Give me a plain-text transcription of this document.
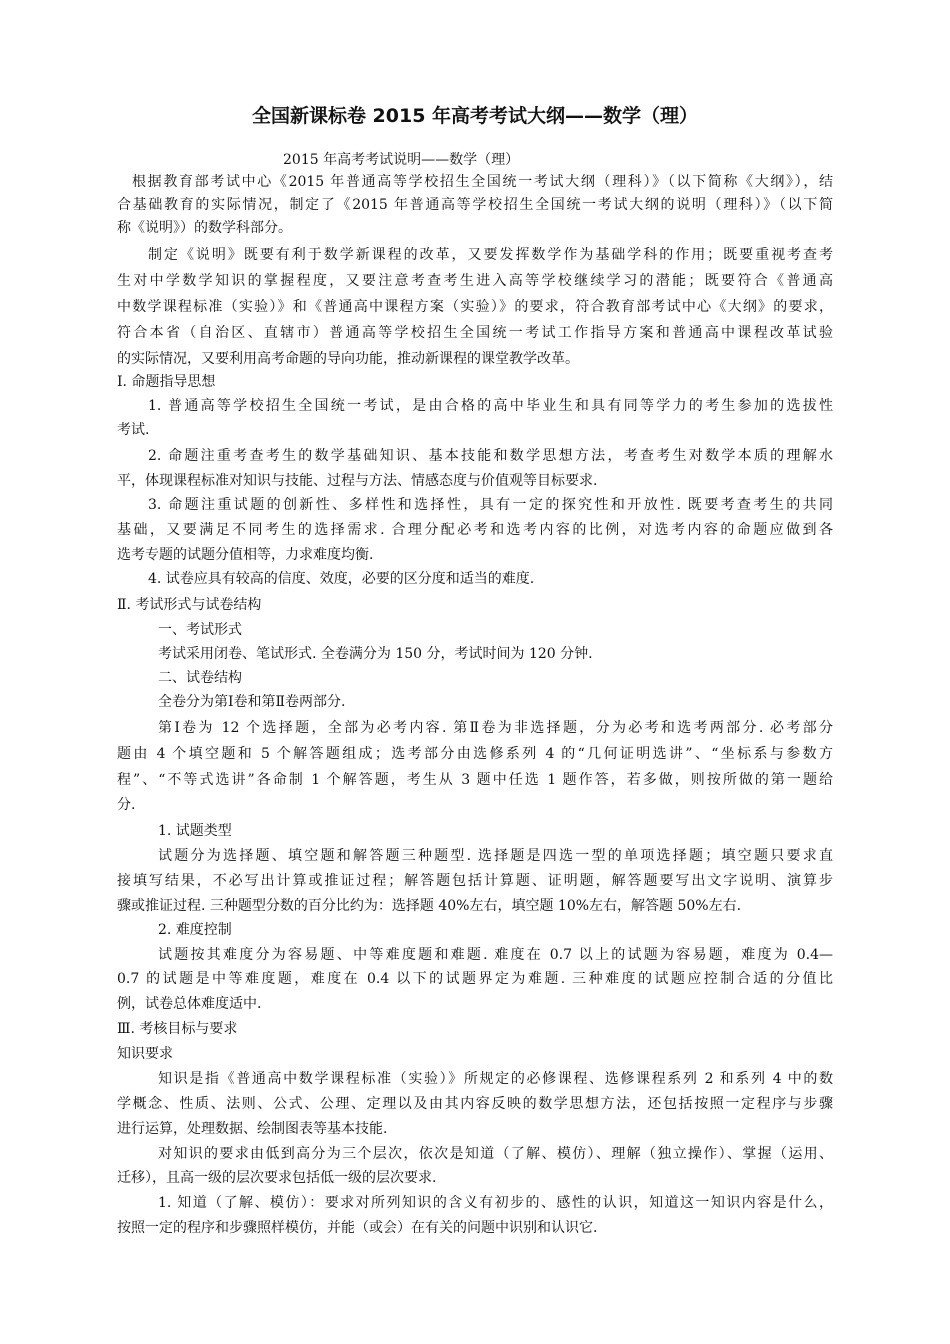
全国新课标卷 2015 年高考考试大纲——数学（理）
2015 年高考考试说明——数学（理）
根据教育部考试中心《2015 年普通高等学校招生全国统一考试大纲（理科）》（以下简称《大纲》），结
合基础教育的实际情况，制定了《2015 年普通高等学校招生全国统一考试大纲的说明（理科）》（以下简
称《说明》）的数学科部分。
制定《说明》既要有利于数学新课程的改革，又要发挥数学作为基础学科的作用；既要重视考查考
生对中学数学知识的掌握程度，又要注意考查考生进入高等学校继续学习的潜能；既要符合《普通高
中数学课程标准（实验）》和《普通高中课程方案（实验）》的要求，符合教育部考试中心《大纲》的要求，
符合本省（自治区、直辖市）普通高等学校招生全国统一考试工作指导方案和普通高中课程改革试验
的实际情况，又要利用高考命题的导向功能，推动新课程的课堂教学改革。
Ⅰ. 命题指导思想
1. 普通高等学校招生全国统一考试，是由合格的高中毕业生和具有同等学力的考生参加的选拔性
考试.
2. 命题注重考查考生的数学基础知识、基本技能和数学思想方法，考查考生对数学本质的理解水
平，体现课程标准对知识与技能、过程与方法、情感态度与价值观等目标要求.
3. 命题注重试题的创新性、多样性和选择性，具有一定的探究性和开放性. 既要考查考生的共同
基础，又要满足不同考生的选择需求. 合理分配必考和选考内容的比例，对选考内容的命题应做到各
选考专题的试题分值相等，力求难度均衡.
4. 试卷应具有较高的信度、效度，必要的区分度和适当的难度.
Ⅱ. 考试形式与试卷结构
一、考试形式
考试采用闭卷、笔试形式. 全卷满分为 150 分，考试时间为 120 分钟.
二、试卷结构
全卷分为第Ⅰ卷和第Ⅱ卷两部分.
第Ⅰ卷为 12 个选择题，全部为必考内容. 第Ⅱ卷为非选择题，分为必考和选考两部分. 必考部分
题由 4 个填空题和 5 个解答题组成；选考部分由选修系列 4 的“几何证明选讲”、“坐标系与参数方
程”、“不等式选讲”各命制 1 个解答题，考生从 3 题中任选 1 题作答，若多做，则按所做的第一题给
分.
1. 试题类型
试题分为选择题、填空题和解答题三种题型. 选择题是四选一型的单项选择题；填空题只要求直
接填写结果，不必写出计算或推证过程；解答题包括计算题、证明题，解答题要写出文字说明、演算步
骤或推证过程. 三种题型分数的百分比约为：选择题 40%左右，填空题 10%左右，解答题 50%左右.
2. 难度控制
试题按其难度分为容易题、中等难度题和难题. 难度在 0.7 以上的试题为容易题，难度为 0.4—
0.7 的试题是中等难度题，难度在 0.4 以下的试题界定为难题. 三种难度的试题应控制合适的分值比
例，试卷总体难度适中.
Ⅲ. 考核目标与要求
知识要求
知识是指《普通高中数学课程标准（实验）》所规定的必修课程、选修课程系列 2 和系列 4 中的数
学概念、性质、法则、公式、公理、定理以及由其内容反映的数学思想方法，还包括按照一定程序与步骤
进行运算，处理数据、绘制图表等基本技能.
对知识的要求由低到高分为三个层次，依次是知道（了解、模仿）、理解（独立操作）、掌握（运用、
迁移），且高一级的层次要求包括低一级的层次要求.
1. 知道（了解、模仿）：要求对所列知识的含义有初步的、感性的认识，知道这一知识内容是什么，
按照一定的程序和步骤照样模仿，并能（或会）在有关的问题中识别和认识它.
